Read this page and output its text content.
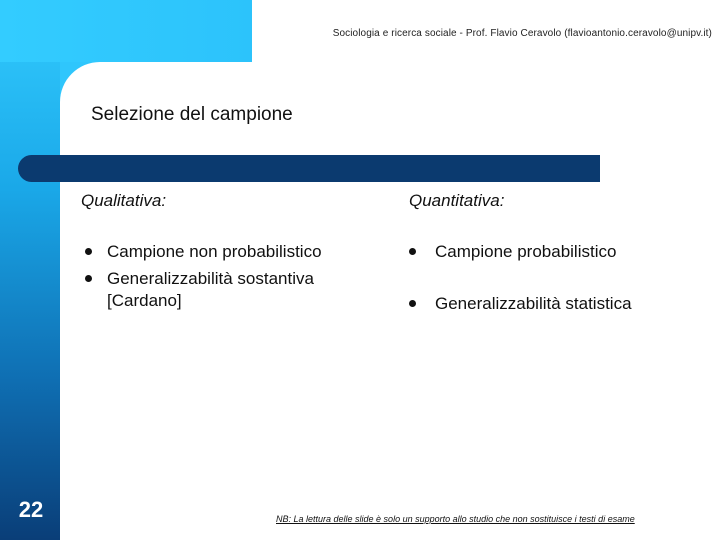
Sociologia e ricerca sociale - Prof. Flavio Ceravolo (flavioantonio.ceravolo@unipv.it)
Selezione del campione
Qualitativa:
Campione non probabilistico
Generalizzabilità sostantiva
[Cardano]
Quantitativa:
Campione probabilistico
Generalizzabilità statistica
22	NB: La lettura delle slide è solo un supporto allo studio che non sostituisce i testi di esame
